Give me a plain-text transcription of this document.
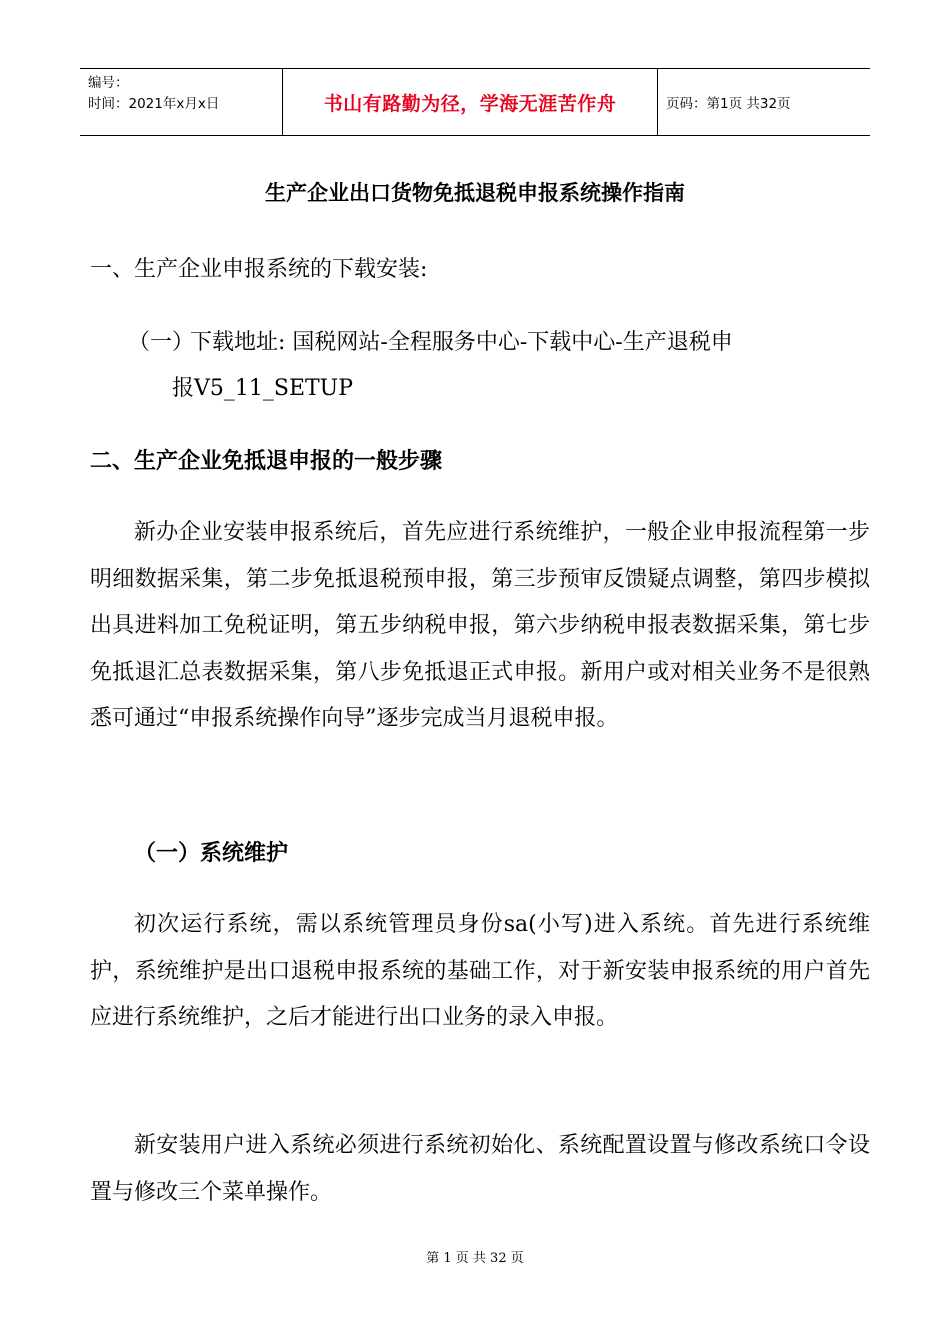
编号：
时间：2021年x月x日	书山有路勤为径，学海无涯苦作舟	页码：第1页 共32页
生产企业出口货物免抵退税申报系统操作指南
一、生产企业申报系统的下载安装:
（一）
下载地址: 国税网站-全程服务中心-下载中心-生产退税申
报V5_11_SETUP
二、生产企业免抵退申报的一般步骤
新办企业安装申报系统后，首先应进行系统维护，一般企业申报流程第一步明细数据采集，第二步免抵退税预申报，第三步预审反馈疑点调整，第四步模拟出具进料加工免税证明，第五步纳税申报，第六步纳税申报表数据采集，第七步免抵退汇总表数据采集，第八步免抵退正式申报。新用户或对相关业务不是很熟悉可通过“申报系统操作向导”逐步完成当月退税申报。
（一）系统维护
初次运行系统，需以系统管理员身份sa(小写)进入系统。首先进行系统维护，系统维护是出口退税申报系统的基础工作，对于新安装申报系统的用户首先应进行系统维护，之后才能进行出口业务的录入申报。
新安装用户进入系统必须进行系统初始化、系统配置设置与修改系统口令设置与修改三个菜单操作。
第 1 页 共 32 页
